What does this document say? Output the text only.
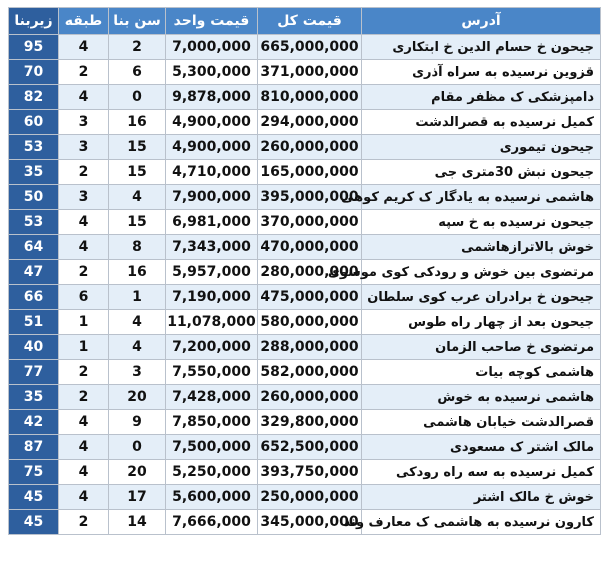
زیربنا	طبقه	سن بنا	قیمت واحد	قیمت کل	آدرس
95	4	2	7,000,000	665,000,000	جیحون خ حسام الدین خ ابتکاری
70	2	6	5,300,000	371,000,000	قزوین نرسیده به سراه آذری
82	4	0	9,878,000	810,000,000	دامپزشکی ک مظفر مقام
60	3	16	4,900,000	294,000,000	کمیل نرسیده به قصرالدشت
53	3	15	4,900,000	260,000,000	جیحون تیموری
35	2	15	4,710,000	165,000,000	جیحون نبش 30متری جی
50	3	4	7,900,000	395,000,000	هاشمی نرسیده به یادگار ک کریم کوهی
53	4	15	6,981,000	370,000,000	جیحون نرسیده به خ سپه
64	4	8	7,343,000	470,000,000	خوش بالاترازهاشمی
47	2	16	5,957,000	280,000,000	مرتضوی بین خوش و رودکی کوی موسوی
66	6	1	7,190,000	475,000,000	جیحون خ برادران عرب کوی سلطان
51	1	4	11,078,000	580,000,000	جیحون بعد از چهار راه طوس
40	1	4	7,200,000	288,000,000	مرتضوی خ صاحب الزمان
77	2	3	7,550,000	582,000,000	هاشمی کوچه بیات
35	2	20	7,428,000	260,000,000	هاشمی نرسیده به خوش
42	4	9	7,850,000	329,800,000	قصرالدشت خیابان هاشمی
87	4	0	7,500,000	652,500,000	مالک اشتر ک مسعودی
75	4	20	5,250,000	393,750,000	کمیل نرسیده به سه راه رودکی
45	4	17	5,600,000	250,000,000	خوش خ مالک اشتر
45	2	14	7,666,000	345,000,000	کارون نرسیده به هاشمی ک معارف وند
